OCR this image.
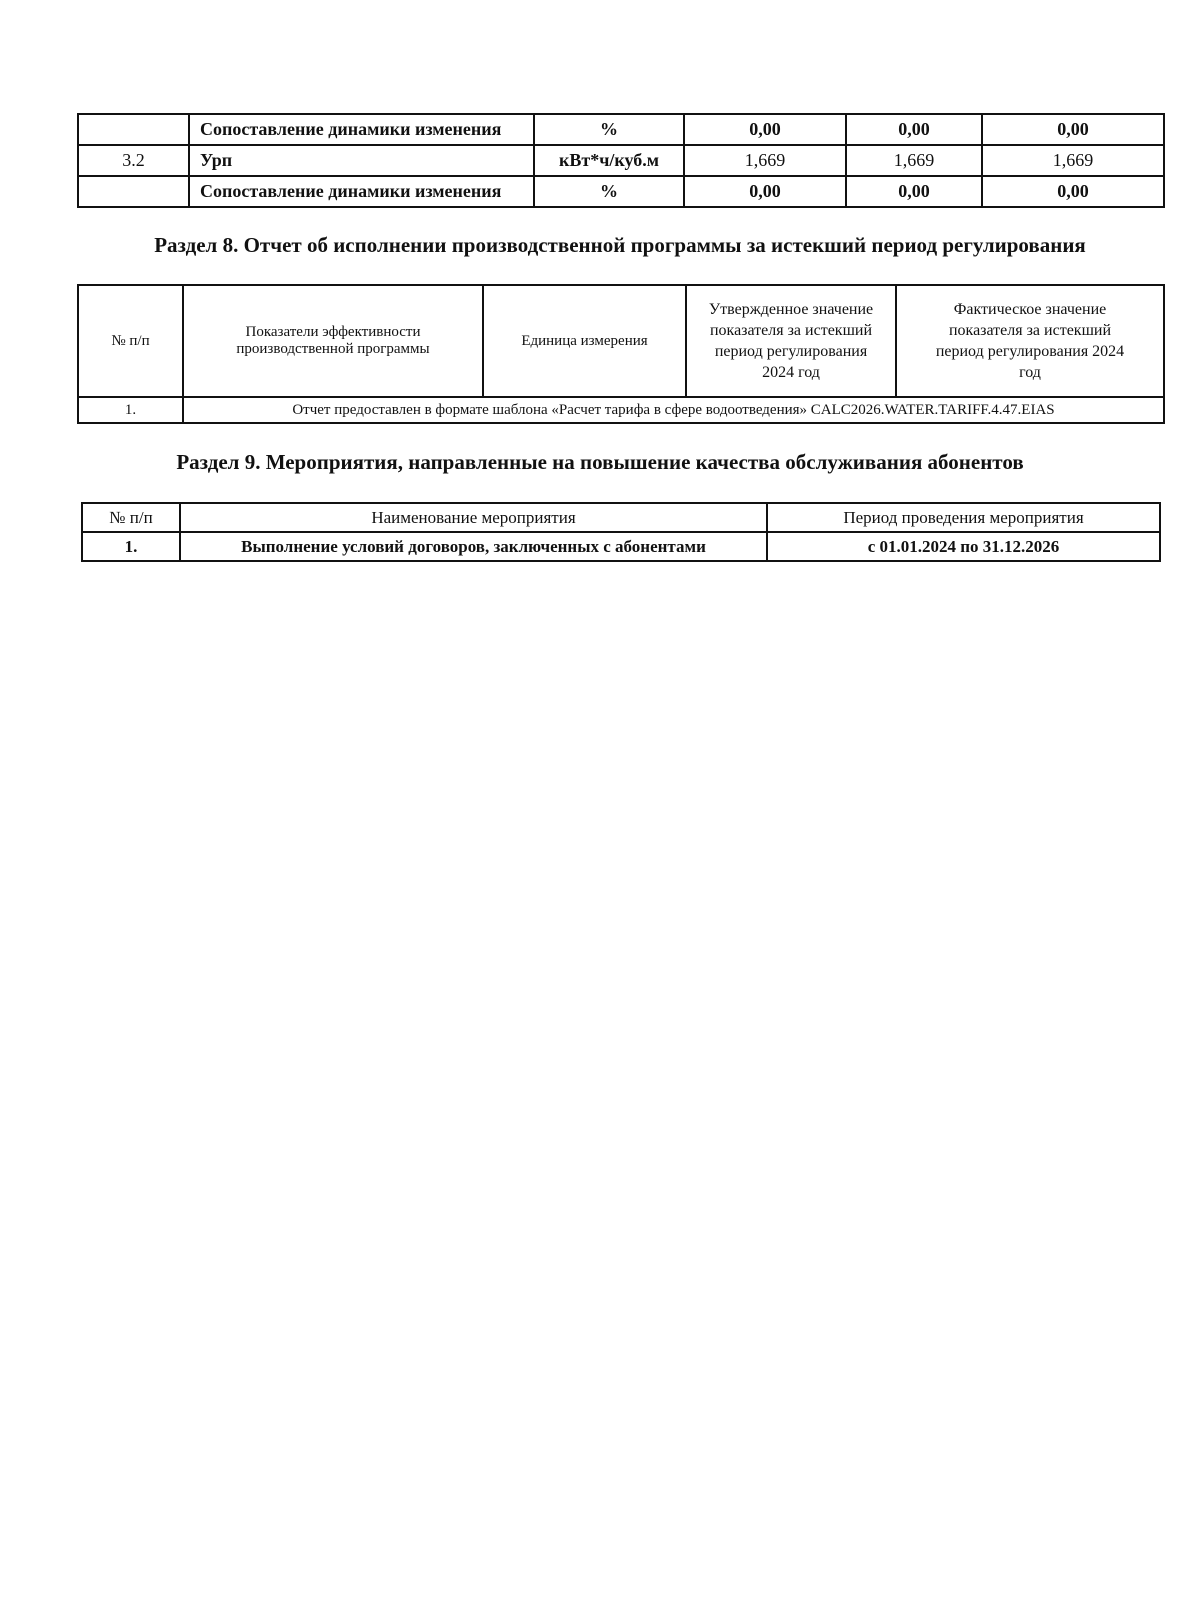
	Сопоставление динамики изменения	%	0,00	0,00	0,00
3.2	Урп	кВт*ч/куб.м	1,669	1,669	1,669
	Сопоставление динамики изменения	%	0,00	0,00	0,00
Раздел 8. Отчет об исполнении производственной программы за истекший период регулирования
№ п/п	Показатели эффективности производственной программы	Единица измерения	Утвержденное значение показателя за истекший период регулирования 2024 год	Фактическое значение показателя за истекший период регулирования 2024 год
1.	Отчет предоставлен в формате шаблона «Расчет тарифа в сфере водоотведения» CALC2026.WATER.TARIFF.4.47.EIAS			
Раздел 9. Мероприятия, направленные на повышение качества обслуживания абонентов
№ п/п	Наименование мероприятия	Период проведения мероприятия
1.	Выполнение условий договоров, заключенных с абонентами	с 01.01.2024 по 31.12.2026
